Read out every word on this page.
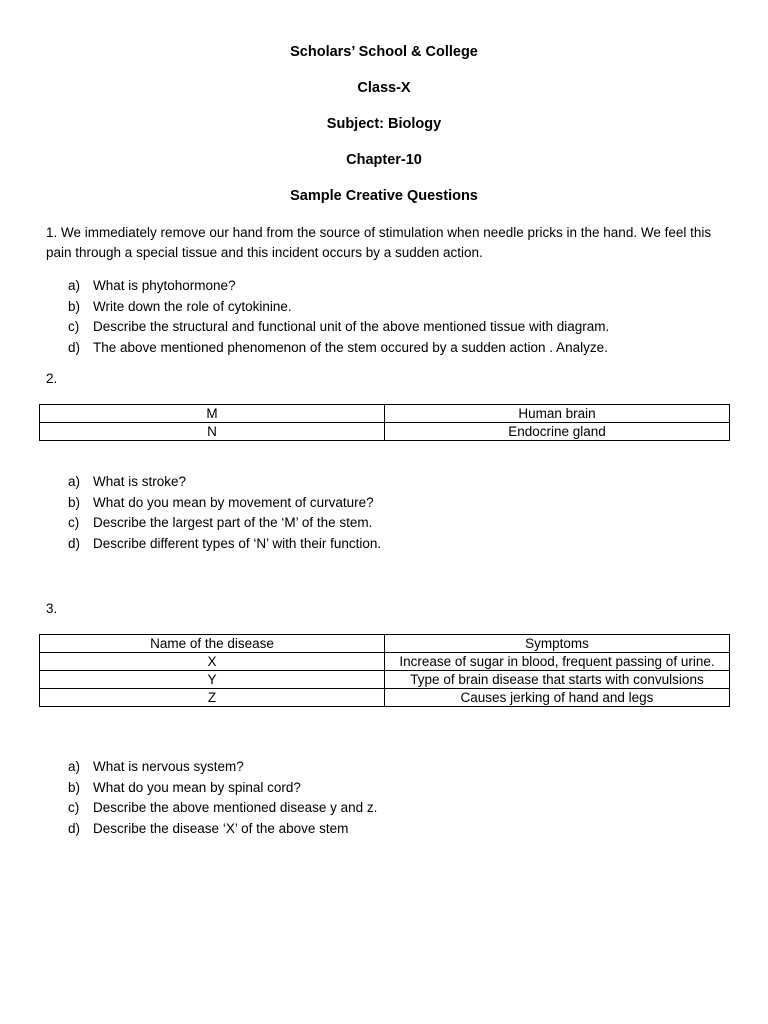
Scholars’ School & College
Class-X
Subject: Biology
Chapter-10
Sample Creative Questions

1. We immediately remove our hand from the source of stimulation when needle pricks in the hand. We feel this pain through a special tissue and this incident occurs by a sudden action.

a) What is phytohormone?
b) Write down the role of cytokinine.
c) Describe the structural and functional unit of the above mentioned tissue with diagram.
d) The above mentioned phenomenon of the stem occured by a sudden action . Analyze.
2.
M	Human brain
N	Endocrine gland
a) What is stroke?
b) What do you mean by movement of curvature?
c) Describe the largest part of the ‘M’ of the stem.
d) Describe different types of ‘N’ with their function.
3.
Name of the disease	Symptoms
X	Increase of sugar in blood, frequent passing of urine.
Y	Type of brain disease that starts with convulsions
Z	Causes jerking of hand and legs
a) What is nervous system?
b) What do you mean by spinal cord?
c) Describe the above mentioned disease y and z.
d) Describe the disease ‘X’ of the above stem
